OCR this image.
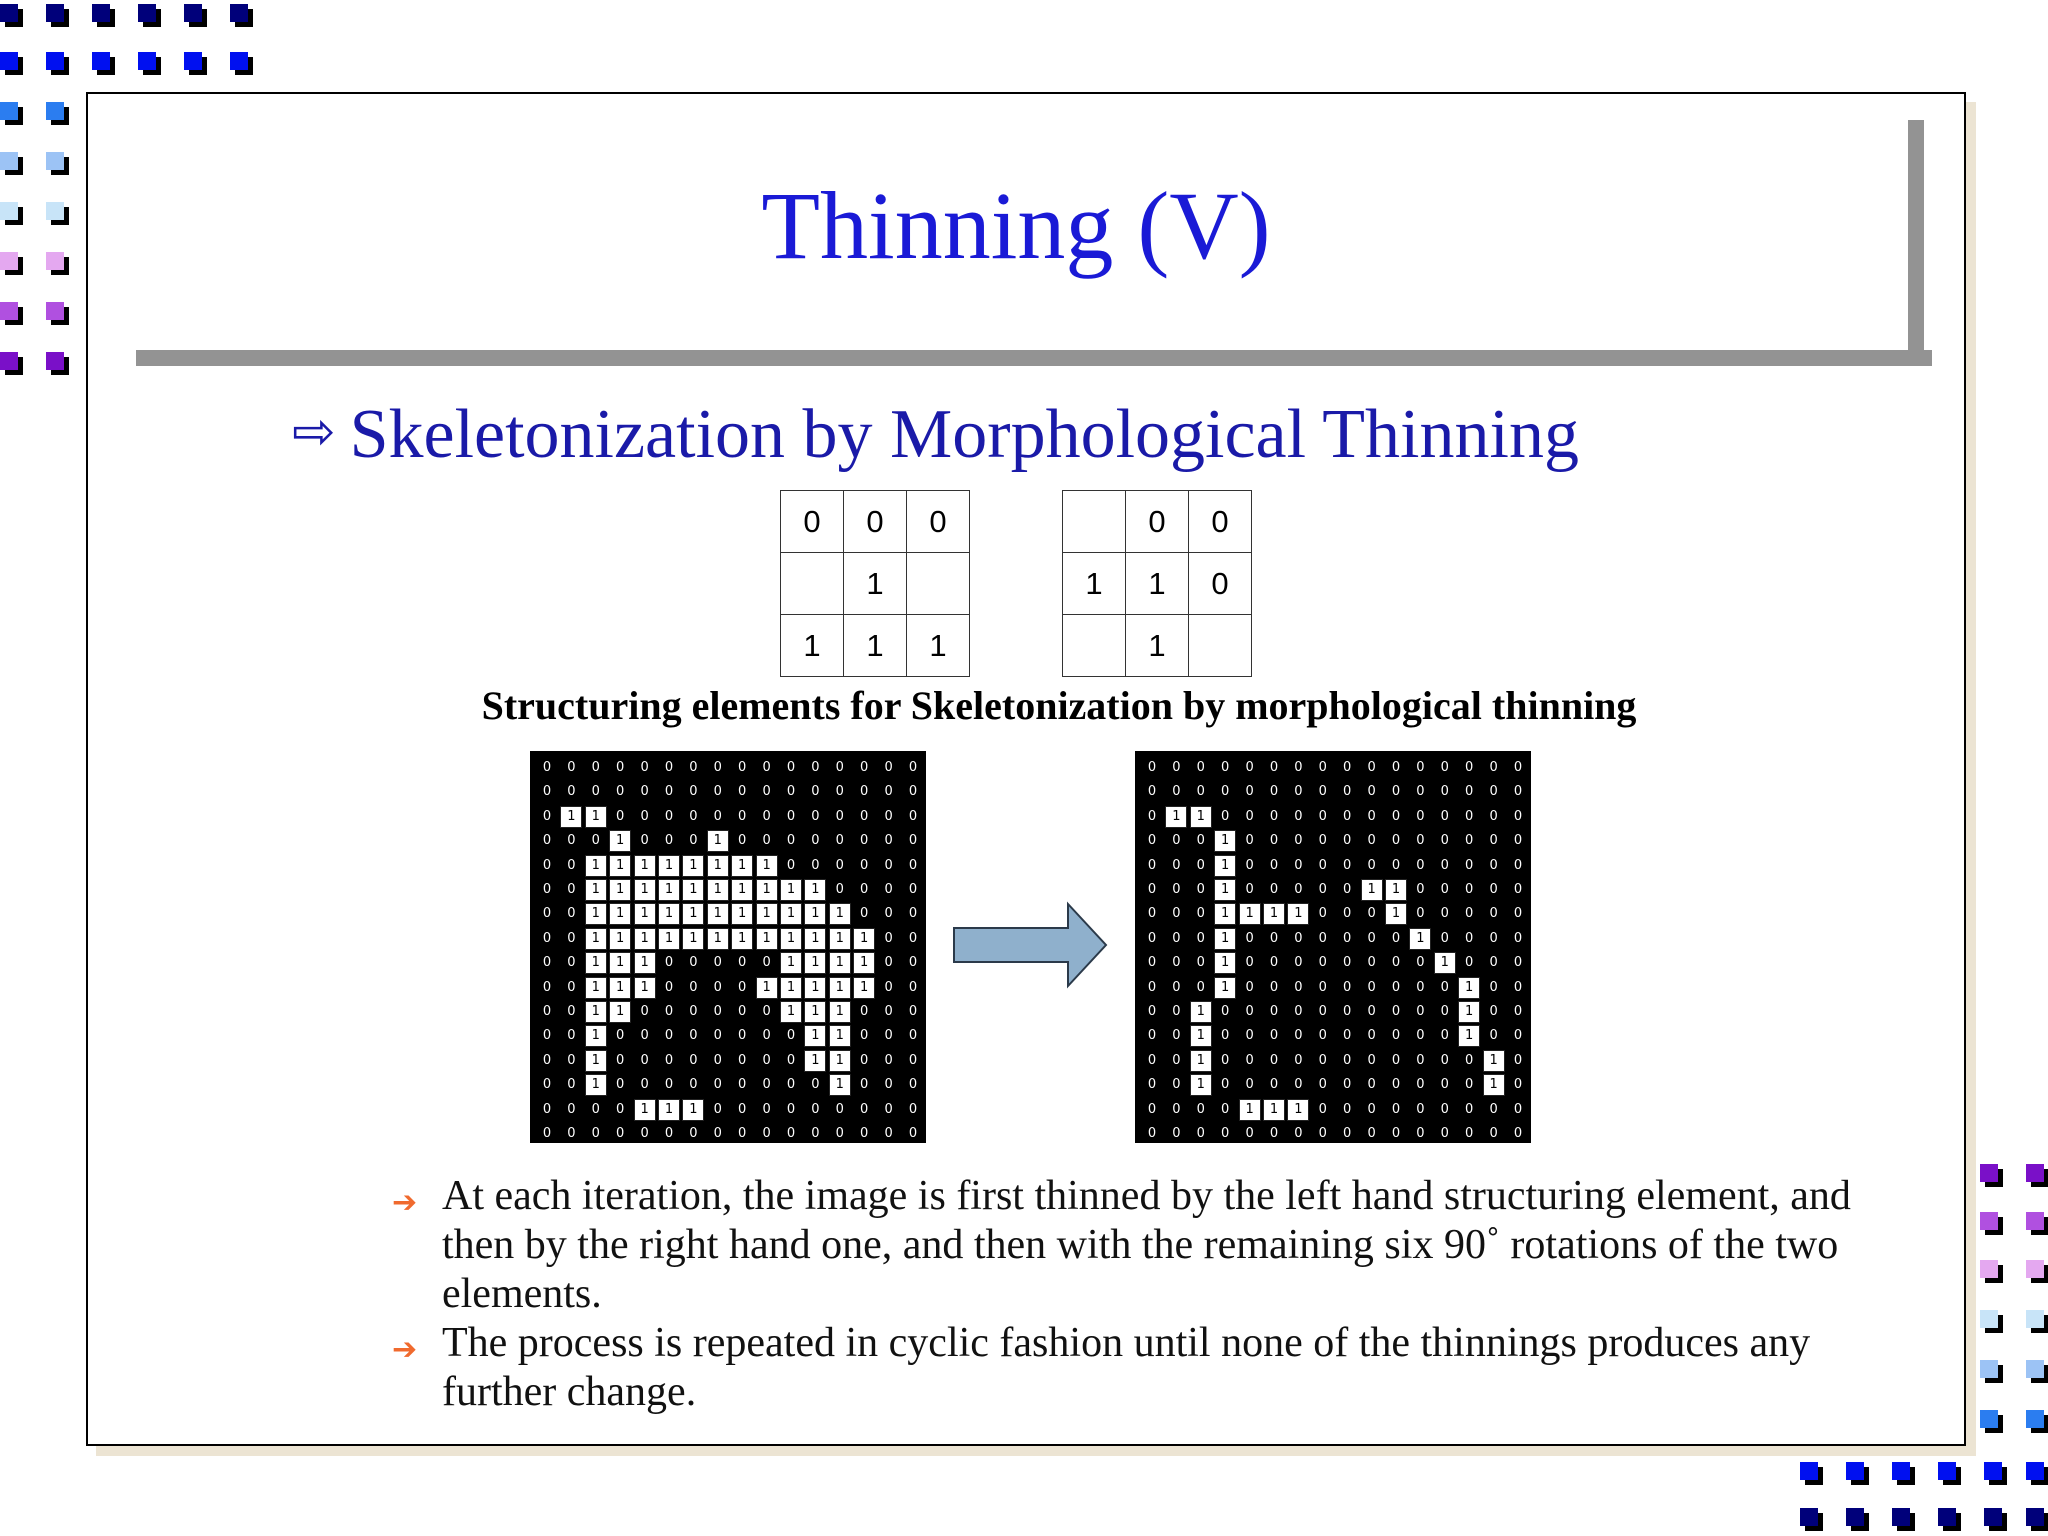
Thinning (V)
⇨ Skeletonization by Morphological Thinning
0	0	0
	1	
1	1	1
	0	0
1	1	0
	1	
Structuring elements for Skeletonization by morphological thinning
0	0	0	0	0	0	0	0	0	0	0	0	0	0	0	0
0	0	0	0	0	0	0	0	0	0	0	0	0	0	0	0
0	1	1	0	0	0	0	0	0	0	0	0	0	0	0	0
0	0	0	1	0	0	0	1	0	0	0	0	0	0	0	0
0	0	1	1	1	1	1	1	1	1	0	0	0	0	0	0
0	0	1	1	1	1	1	1	1	1	1	1	0	0	0	0
0	0	1	1	1	1	1	1	1	1	1	1	1	0	0	0
0	0	1	1	1	1	1	1	1	1	1	1	1	1	0	0
0	0	1	1	1	0	0	0	0	0	1	1	1	1	0	0
0	0	1	1	1	0	0	0	0	1	1	1	1	1	0	0
0	0	1	1	0	0	0	0	0	0	1	1	1	0	0	0
0	0	1	0	0	0	0	0	0	0	0	1	1	0	0	0
0	0	1	0	0	0	0	0	0	0	0	1	1	0	0	0
0	0	1	0	0	0	0	0	0	0	0	0	1	0	0	0
0	0	0	0	1	1	1	0	0	0	0	0	0	0	0	0
0	0	0	0	0	0	0	0	0	0	0	0	0	0	0	0
0	0	0	0	0	0	0	0	0	0	0	0	0	0	0	0
0	0	0	0	0	0	0	0	0	0	0	0	0	0	0	0
0	1	1	0	0	0	0	0	0	0	0	0	0	0	0	0
0	0	0	1	0	0	0	0	0	0	0	0	0	0	0	0
0	0	0	1	0	0	0	0	0	0	0	0	0	0	0	0
0	0	0	1	0	0	0	0	0	1	1	0	0	0	0	0
0	0	0	1	1	1	1	0	0	0	1	0	0	0	0	0
0	0	0	1	0	0	0	0	0	0	0	1	0	0	0	0
0	0	0	1	0	0	0	0	0	0	0	0	1	0	0	0
0	0	0	1	0	0	0	0	0	0	0	0	0	1	0	0
0	0	1	0	0	0	0	0	0	0	0	0	0	1	0	0
0	0	1	0	0	0	0	0	0	0	0	0	0	1	0	0
0	0	1	0	0	0	0	0	0	0	0	0	0	0	1	0
0	0	1	0	0	0	0	0	0	0	0	0	0	0	1	0
0	0	0	0	1	1	1	0	0	0	0	0	0	0	0	0
0	0	0	0	0	0	0	0	0	0	0	0	0	0	0	0
➔ At each iteration, the image is first thinned by the left hand structuring element, and then by the right hand one, and then with the remaining six 90˚ rotations of the two elements.
➔ The process is repeated in cyclic fashion until none of the thinnings produces any further change.
